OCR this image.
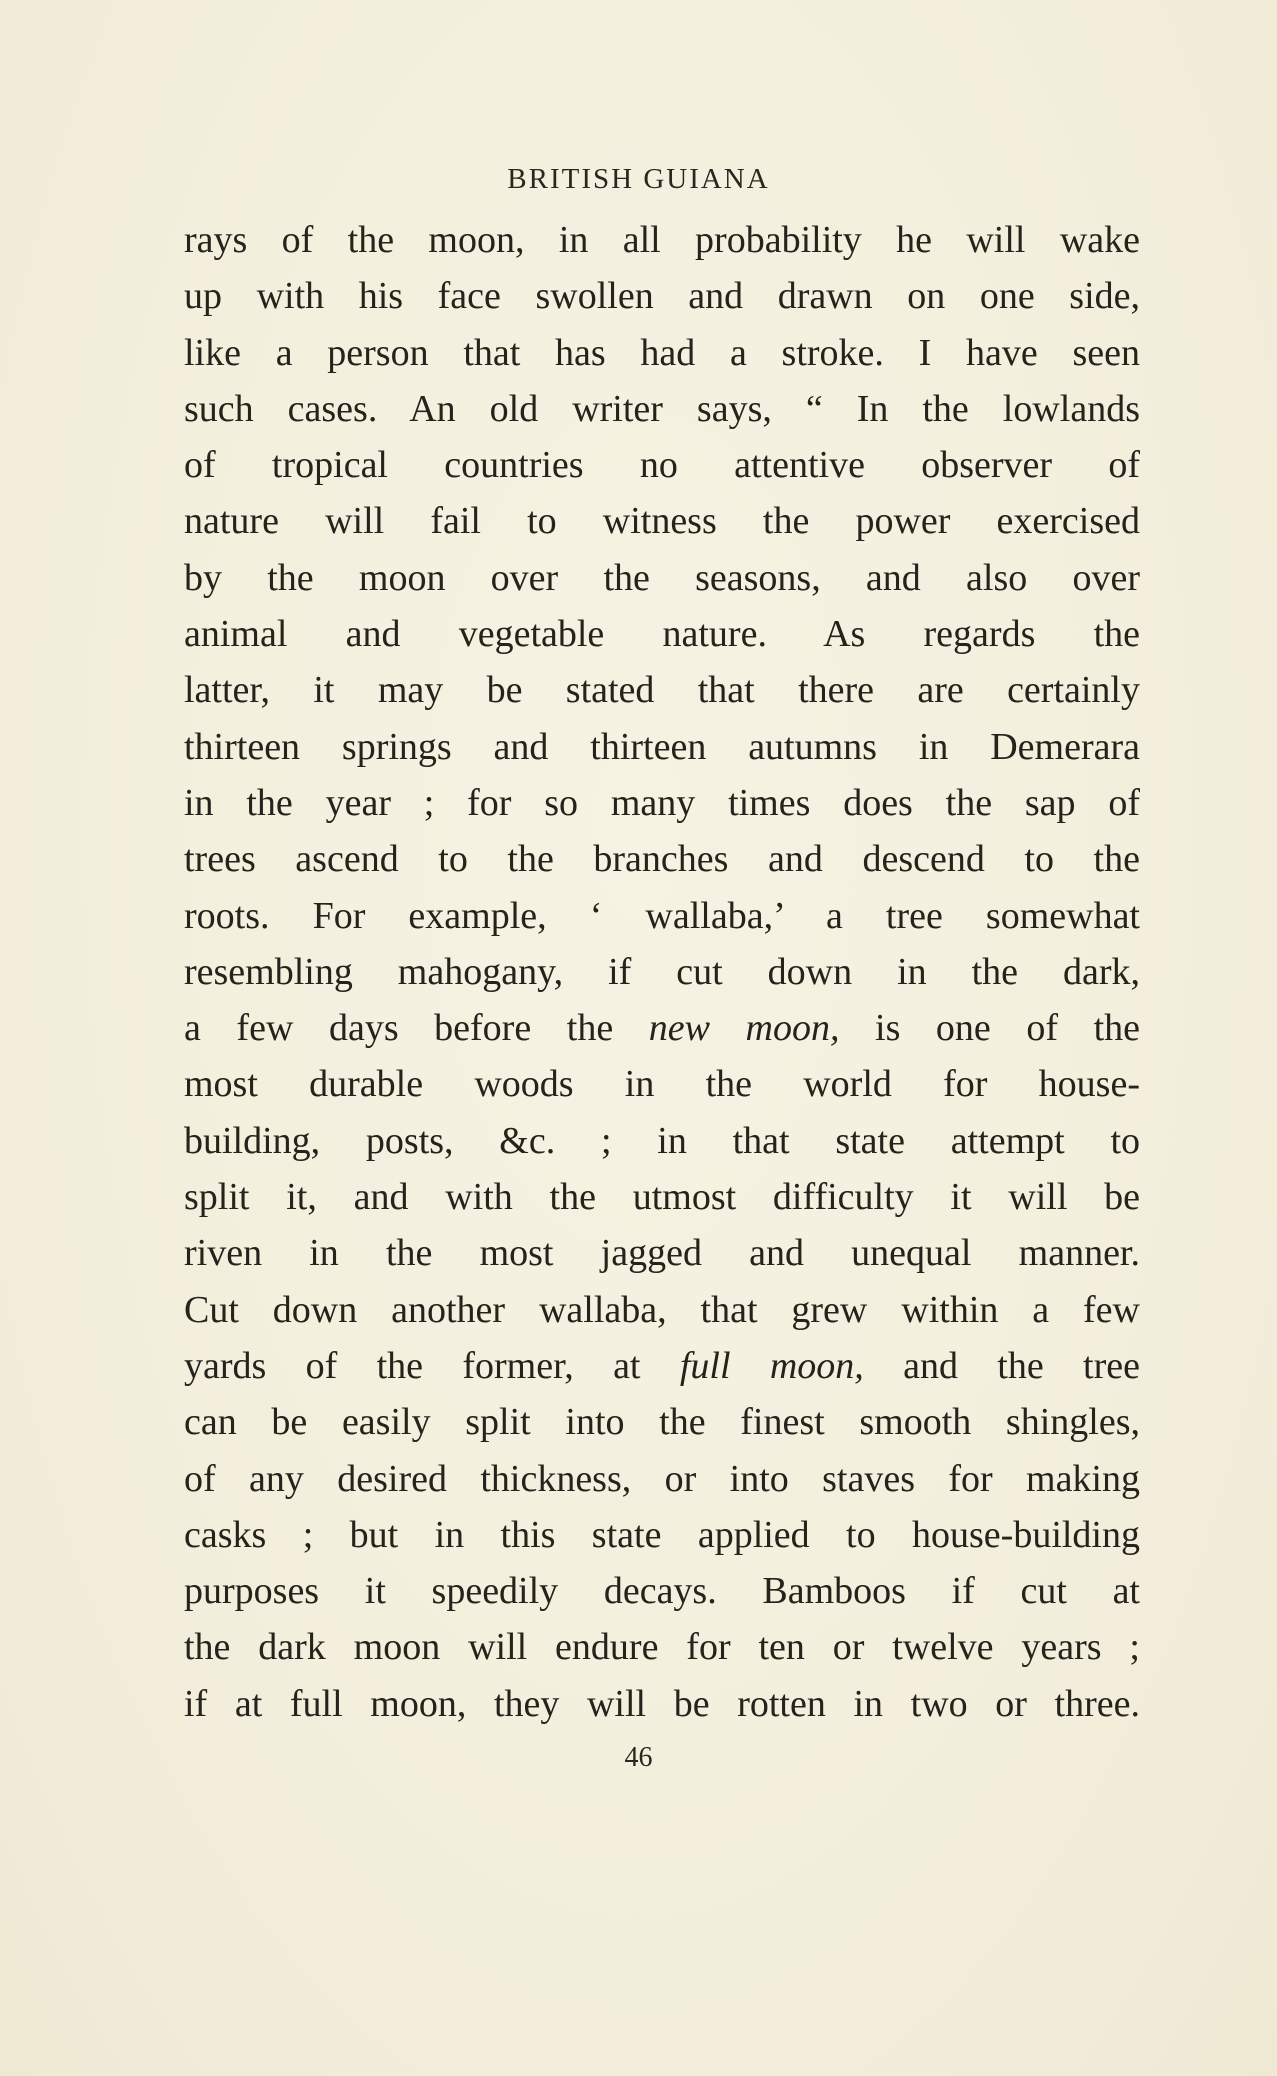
BRITISH GUIANA
rays of the moon, in all probability he will wake
up with his face swollen and drawn on one side,
like a person that has had a stroke. I have seen
such cases. An old writer says, “ In the lowlands
of tropical countries no attentive observer of
nature will fail to witness the power exercised
by the moon over the seasons, and also over
animal and vegetable nature. As regards the
latter, it may be stated that there are certainly
thirteen springs and thirteen autumns in Demerara
in the year ; for so many times does the sap of
trees ascend to the branches and descend to the
roots. For example, ‘ wallaba,’ a tree somewhat
resembling mahogany, if cut down in the dark,
a few days before the new moon, is one of the
most durable woods in the world for house-
building, posts, &c. ; in that state attempt to
split it, and with the utmost difficulty it will be
riven in the most jagged and unequal manner.
Cut down another wallaba, that grew within a few
yards of the former, at full moon, and the tree
can be easily split into the finest smooth shingles,
of any desired thickness, or into staves for making
casks ; but in this state applied to house-building
purposes it speedily decays. Bamboos if cut at
the dark moon will endure for ten or twelve years ;
if at full moon, they will be rotten in two or three.
46
